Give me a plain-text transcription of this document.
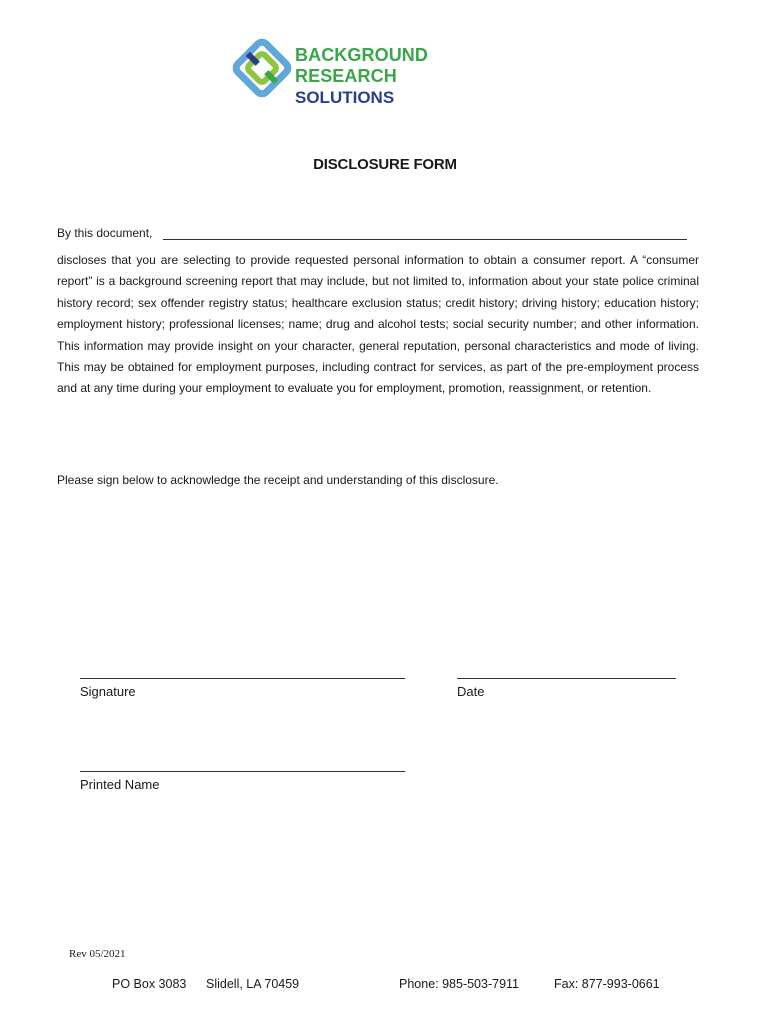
BACKGROUND RESEARCH
SOLUTIONS
DISCLOSURE FORM
By this document,
discloses that you are selecting to provide requested personal information to obtain a consumer report. A “consumer report” is a background screening report that may include, but not limited to, information about your state police criminal history record; sex offender registry status; healthcare exclusion status; credit history; driving history; education history; employment history; professional licenses; name; drug and alcohol tests; social security number; and other information. This information may provide insight on your character, general reputation, personal characteristics and mode of living. This may be obtained for employment purposes, including contract for services, as part of the pre-employment process and at any time during your employment to evaluate you for employment, promotion, reassignment, or retention.
Please sign below to acknowledge the receipt and understanding of this disclosure.
Signature	Date
Printed Name
Rev 05/2021
PO Box 3083 Slidell, LA 70459	Phone: 985-503-7911	Fax: 877-993-0661
